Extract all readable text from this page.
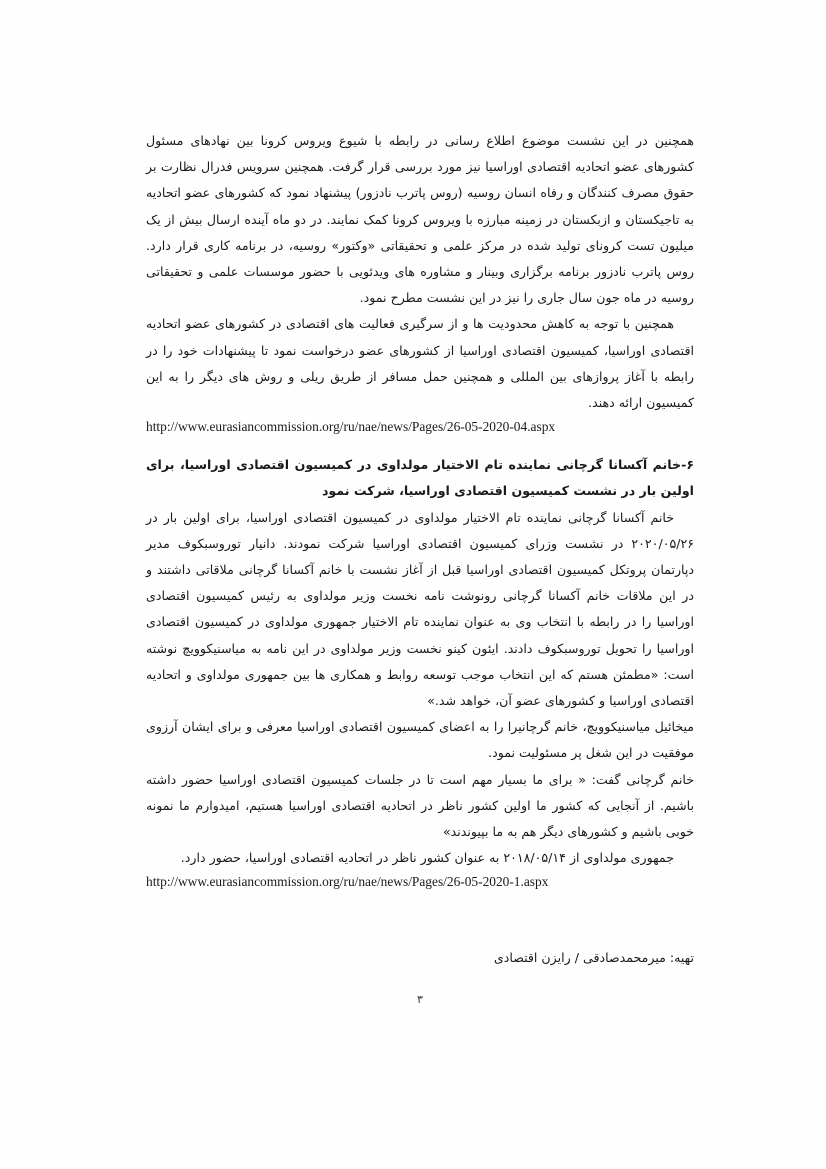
همچنین در این نشست موضوع اطلاع رسانی در رابطه با شیوع ویروس کرونا بین نهادهای مسئول کشورهای عضو اتحادیه اقتصادی اوراسیا نیز مورد بررسی قرار گرفت. همچنین سرویس فدرال نظارت بر حقوق مصرف کنندگان و رفاه انسان روسیه (روس پاترب نادزور) پیشنهاد نمود که کشورهای عضو اتحادیه به تاجیکستان و ازبکستان در زمینه مبارزه با ویروس کرونا کمک نمایند. در دو ماه آینده ارسال بیش از یک میلیون تست کرونای تولید شده در مرکز علمی و تحقیقاتی «وکتور» روسیه، در برنامه کاری قرار دارد. روس پاترب نادزور برنامه برگزاری وبینار و مشاوره های ویدئویی با حضور موسسات علمی و تحقیقاتی روسیه در ماه جون سال جاری را نیز در این نشست مطرح نمود.

همچنین با توجه به کاهش محدودیت ها و از سرگیری فعالیت های اقتصادی در کشورهای عضو اتحادیه اقتصادی اوراسیا، کمیسیون اقتصادی اوراسیا از کشورهای عضو درخواست نمود تا پیشنهادات خود را در رابطه با آغاز پروازهای بین المللی و همچنین حمل مسافر از طریق ریلی و روش های دیگر را به این کمیسیون ارائه دهند.

http://www.eurasiancommission.org/ru/nae/news/Pages/26-05-2020-04.aspx

۶-خانم آکسانا گرچانی نماینده تام الاختیار مولداوی در کمیسیون اقتصادی اوراسیا، برای اولین بار در نشست کمیسیون اقتصادی اوراسیا، شرکت نمود

خانم آکسانا گرچانی نماینده تام الاختیار مولداوی در کمیسیون اقتصادی اوراسیا، برای اولین بار در ۲۰۲۰/۰۵/۲۶ در نشست وزرای کمیسیون اقتصادی اوراسیا شرکت نمودند. دانیار توروسبکوف مدیر دپارتمان پروتکل کمیسیون اقتصادی اوراسیا قبل از آغاز نشست با خانم آکسانا گرچانی ملاقاتی داشتند و در این ملاقات خانم آکسانا گرچانی رونوشت نامه نخست وزیر مولداوی به رئیس کمیسیون اقتصادی اوراسیا را در رابطه با انتخاب وی به عنوان نماینده تام الاختیار جمهوری مولداوی در کمیسیون اقتصادی اوراسیا را تحویل توروسبکوف دادند. ایئون کینو نخست وزیر مولداوی در این نامه به میاسنیکوویچ نوشته است: «مطمئن هستم که این انتخاب موجب توسعه روابط و همکاری ها بین جمهوری مولداوی و اتحادیه اقتصادی اوراسیا و کشورهای عضو آن، خواهد شد.»

میخائیل میاسنیکوویچ، خانم گرچانیرا را به اعضای کمیسیون اقتصادی اوراسیا معرفی و برای ایشان آرزوی موفقیت در این شغل پر مسئولیت نمود.

خانم گرچانی گفت: « برای ما بسیار مهم است تا در جلسات کمیسیون اقتصادی اوراسیا حضور داشته باشیم. از آنجایی که کشور ما اولین کشور ناظر در اتحادیه اقتصادی اوراسیا هستیم، امیدوارم ما نمونه خوبی باشیم و کشورهای دیگر هم به ما بپیوندند»

جمهوری مولداوی از ۲۰۱۸/۰۵/۱۴ به عنوان کشور ناظر در اتحادیه اقتصادی اوراسیا، حضور دارد.

http://www.eurasiancommission.org/ru/nae/news/Pages/26-05-2020-1.aspx

تهیه: میرمحمدصادقی / رایزن اقتصادی
۳
